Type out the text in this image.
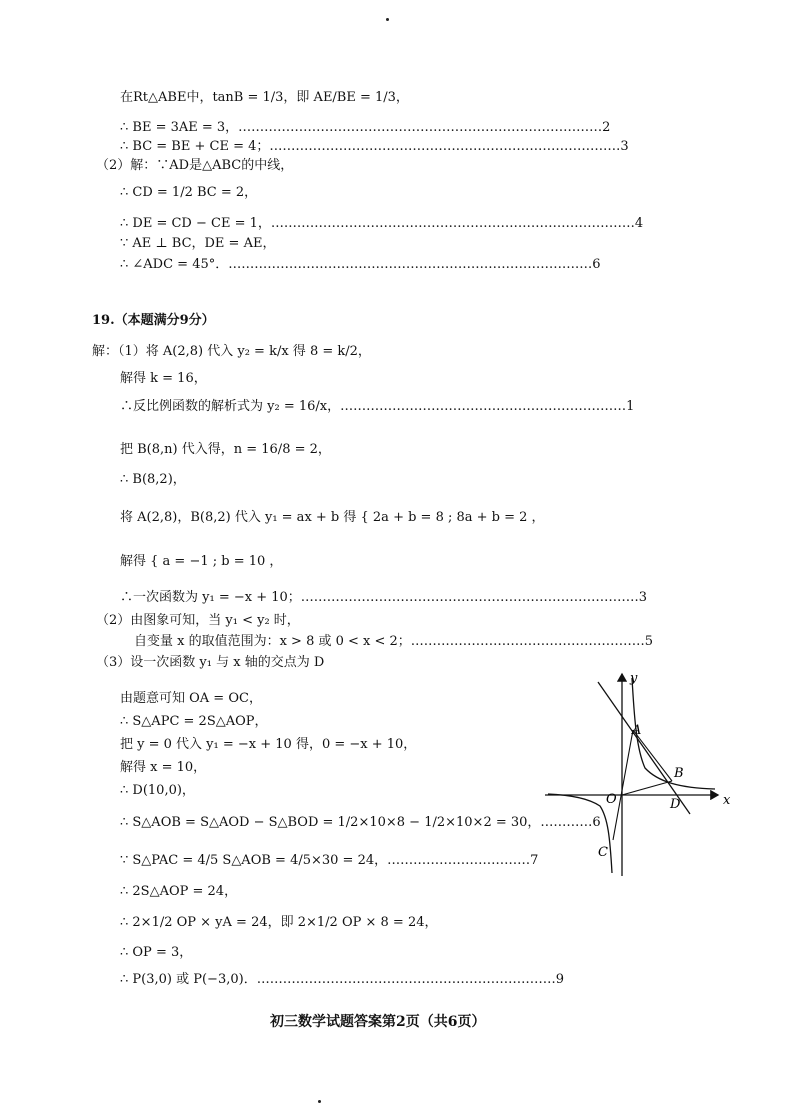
在Rt△ABE中，tanB = 1/3，即 AE/BE = 1/3，
∴ BE = 3AE = 3，…………………………………………………………………………2
∴ BC = BE + CE = 4；………………………………………………………………………3
（2）解：∵AD是△ABC的中线，
∴ CD = 1/2 BC = 2，
∴ DE = CD − CE = 1，…………………………………………………………………………4
∵ AE ⊥ BC，DE = AE，
∴ ∠ADC = 45°．…………………………………………………………………………6
19.（本题满分9分）
解：（1）将 A(2,8) 代入 y₂ = k/x 得 8 = k/2，
解得 k = 16，
∴反比例函数的解析式为 y₂ = 16/x，…………………………………………………………1
把 B(8,n) 代入得，n = 16/8 = 2，
∴ B(8,2)，
将 A(2,8)，B(8,2) 代入 y₁ = ax + b 得 { 2a + b = 8 ; 8a + b = 2 ，
解得 { a = −1 ; b = 10 ，
∴一次函数为 y₁ = −x + 10；……………………………………………………………………3
（2）由图象可知，当 y₁ < y₂ 时，
自变量 x 的取值范围为：x > 8 或 0 < x < 2；………………………………………………5
（3）设一次函数 y₁ 与 x 轴的交点为 D
由题意可知 OA = OC，
∴ S△APC = 2S△AOP，
把 y = 0 代入 y₁ = −x + 10 得，0 = −x + 10，
解得 x = 10，
∴ D(10,0)，
∴ S△AOB = S△AOD − S△BOD = 1/2×10×8 − 1/2×10×2 = 30，…………6
∵ S△PAC = 4/5 S△AOB = 4/5×30 = 24，……………………………7
∴ 2S△AOP = 24，
∴ 2×1/2 OP × yA = 24，即 2×1/2 OP × 8 = 24，
∴ OP = 3，
∴ P(3,0) 或 P(−3,0)．……………………………………………………………9
y
x
A
B
O	D
C
初三数学试题答案第2页（共6页）
